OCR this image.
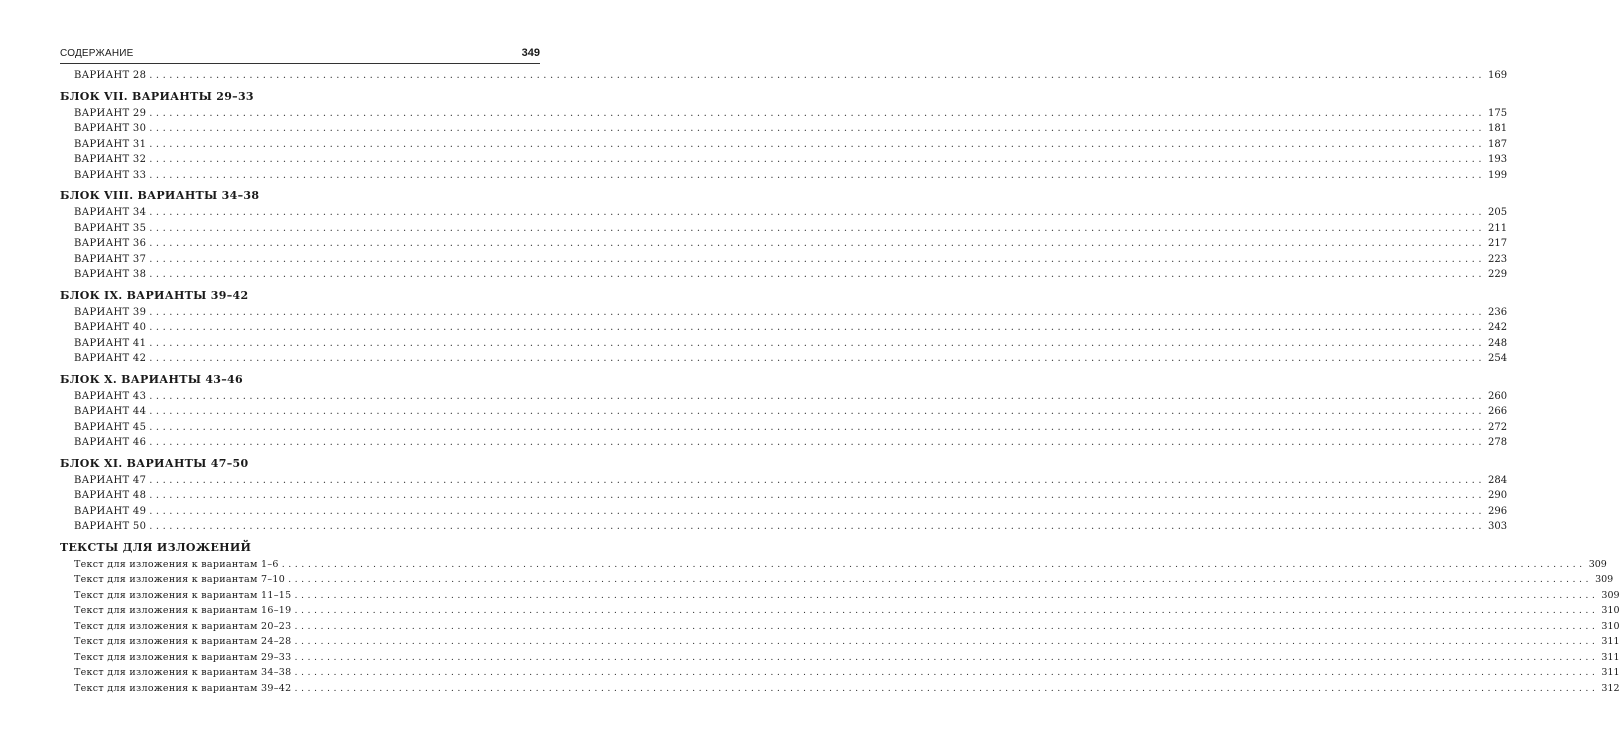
СОДЕРЖАНИЕ	349
ВАРИАНТ 28 ........................................................................................................................................................................................................ 169
БЛОК VII. ВАРИАНТЫ 29–33
ВАРИАНТ 29 ........................................................................................................................................................................................................ 175
ВАРИАНТ 30 ........................................................................................................................................................................................................ 181
ВАРИАНТ 31 ........................................................................................................................................................................................................ 187
ВАРИАНТ 32 ........................................................................................................................................................................................................ 193
ВАРИАНТ 33 ........................................................................................................................................................................................................ 199
БЛОК VIII. ВАРИАНТЫ 34–38
ВАРИАНТ 34 ........................................................................................................................................................................................................ 205
ВАРИАНТ 35 ........................................................................................................................................................................................................ 211
ВАРИАНТ 36 ........................................................................................................................................................................................................ 217
ВАРИАНТ 37 ........................................................................................................................................................................................................ 223
ВАРИАНТ 38 ........................................................................................................................................................................................................ 229
БЛОК IX. ВАРИАНТЫ 39–42
ВАРИАНТ 39 ........................................................................................................................................................................................................ 236
ВАРИАНТ 40 ........................................................................................................................................................................................................ 242
ВАРИАНТ 41 ........................................................................................................................................................................................................ 248
ВАРИАНТ 42 ........................................................................................................................................................................................................ 254
БЛОК X. ВАРИАНТЫ 43–46
ВАРИАНТ 43 ........................................................................................................................................................................................................ 260
ВАРИАНТ 44 ........................................................................................................................................................................................................ 266
ВАРИАНТ 45 ........................................................................................................................................................................................................ 272
ВАРИАНТ 46 ........................................................................................................................................................................................................ 278
БЛОК XI. ВАРИАНТЫ 47–50
ВАРИАНТ 47 ........................................................................................................................................................................................................ 284
ВАРИАНТ 48 ........................................................................................................................................................................................................ 290
ВАРИАНТ 49 ........................................................................................................................................................................................................ 296
ВАРИАНТ 50 ........................................................................................................................................................................................................ 303
ТЕКСТЫ ДЛЯ ИЗЛОЖЕНИЙ
Текст для изложения к вариантам 1–6 ........................................................................................................................................................................................................ 309
Текст для изложения к вариантам 7–10 ........................................................................................................................................................................................................ 309
Текст для изложения к вариантам 11–15 ........................................................................................................................................................................................................ 309
Текст для изложения к вариантам 16–19 ........................................................................................................................................................................................................ 310
Текст для изложения к вариантам 20–23 ........................................................................................................................................................................................................ 310
Текст для изложения к вариантам 24–28 ........................................................................................................................................................................................................ 311
Текст для изложения к вариантам 29–33 ........................................................................................................................................................................................................ 311
Текст для изложения к вариантам 34–38 ........................................................................................................................................................................................................ 311
Текст для изложения к вариантам 39–42 ........................................................................................................................................................................................................ 312
